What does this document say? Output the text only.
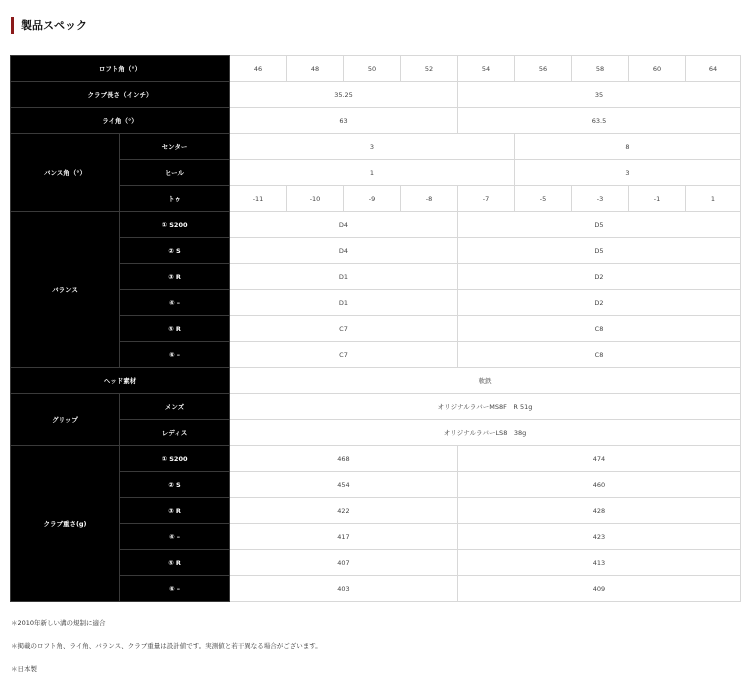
製品スペック
ロフト角（°）		46	48	50	52	54	56	58	60	64
クラブ長さ（インチ）		35.25				35				
ライ角（°）		63				63.5				
バンス角（°）	センター	3					8			
	ヒール	1					3			
	トゥ	-11	-10	-9	-8	-7	-5	-3	-1	1
バランス	① S200	D4				D5				
	② S	D4				D5				
	③ R	D1				D2				
	④ –	D1				D2				
	⑤ R	C7				C8				
	⑥ –	C7				C8				
ヘッド素材		軟鉄								
グリップ	メンズ	オリジナルラバーMS8F　R 51g								
	レディス	オリジナルラバーLS8　38g								
クラブ重さ(g)	① S200	468				474				
	② S	454				460				
	③ R	422				428				
	④ –	417				423				
	⑤ R	407				413				
	⑥ –	403				409				
＊2010年新しい溝の規制に適合
＊掲載のロフト角、ライ角、バランス、クラブ重量は設計値です。実測値と若干異なる場合がございます。
＊日本製
